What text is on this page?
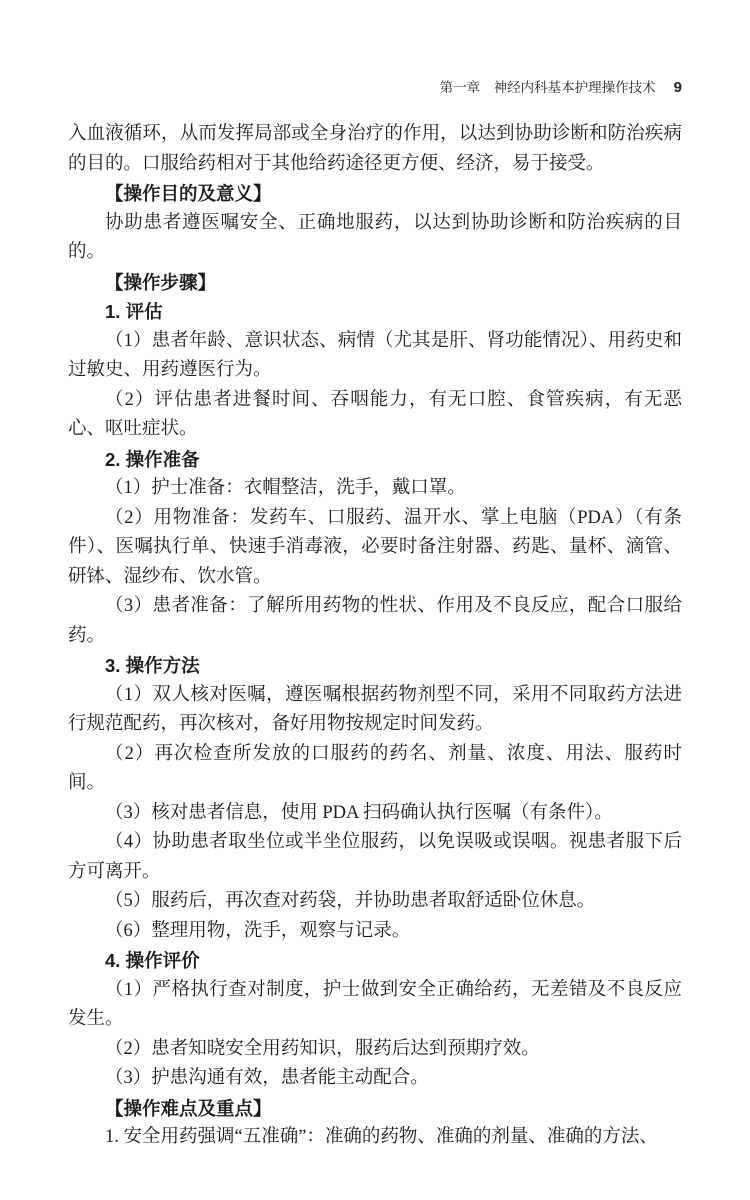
第一章 神经内科基本护理操作技术 9

入血液循环，从而发挥局部或全身治疗的作用，以达到协助诊断和防治疾病的目的。口服给药相对于其他给药途径更方便、经济，易于接受。

【操作目的及意义】

协助患者遵医嘱安全、正确地服药，以达到协助诊断和防治疾病的目的。

【操作步骤】

1. 评估

（1）患者年龄、意识状态、病情（尤其是肝、肾功能情况）、用药史和过敏史、用药遵医行为。

（2）评估患者进餐时间、吞咽能力，有无口腔、食管疾病，有无恶心、呕吐症状。

2. 操作准备

（1）护士准备：衣帽整洁，洗手，戴口罩。

（2）用物准备：发药车、口服药、温开水、掌上电脑（PDA）（有条件）、医嘱执行单、快速手消毒液，必要时备注射器、药匙、量杯、滴管、研钵、湿纱布、饮水管。

（3）患者准备：了解所用药物的性状、作用及不良反应，配合口服给药。

3. 操作方法

（1）双人核对医嘱，遵医嘱根据药物剂型不同，采用不同取药方法进行规范配药，再次核对，备好用物按规定时间发药。

（2）再次检查所发放的口服药的药名、剂量、浓度、用法、服药时间。

（3）核对患者信息，使用 PDA 扫码确认执行医嘱（有条件）。

（4）协助患者取坐位或半坐位服药，以免误吸或误咽。视患者服下后方可离开。

（5）服药后，再次查对药袋，并协助患者取舒适卧位休息。

（6）整理用物，洗手，观察与记录。

4. 操作评价

（1）严格执行查对制度，护士做到安全正确给药，无差错及不良反应发生。

（2）患者知晓安全用药知识，服药后达到预期疗效。

（3）护患沟通有效，患者能主动配合。

【操作难点及重点】

1. 安全用药强调“五准确”：准确的药物、准确的剂量、准确的方法、
